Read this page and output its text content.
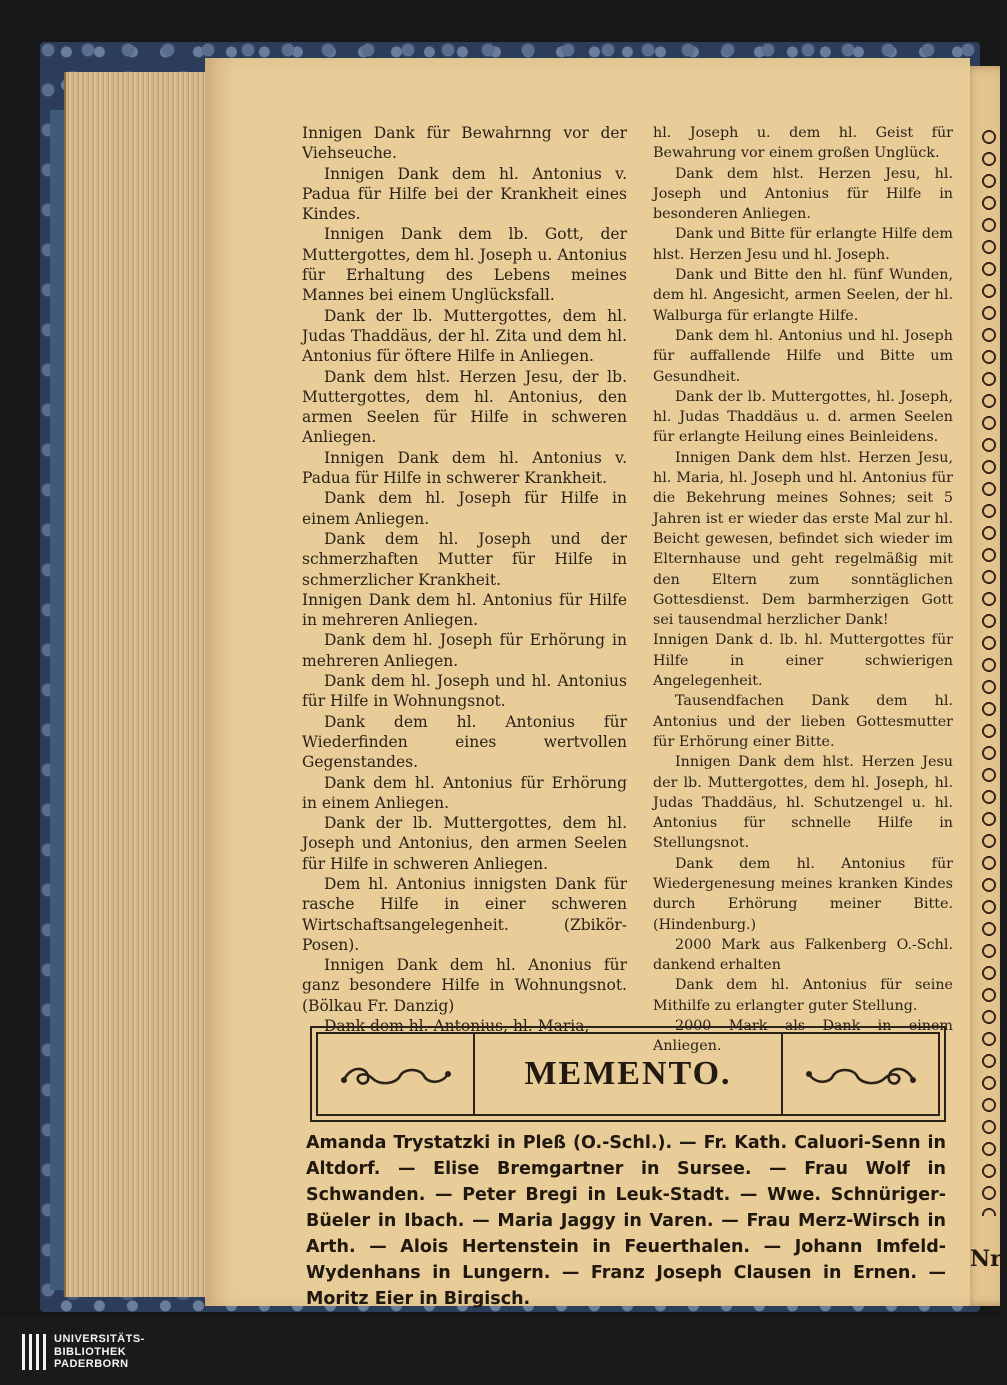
Nr.

Innigen Dank für Bewahrnng vor der Viehseuche.

Innigen Dank dem hl. Antonius v. Padua für Hilfe bei der Krankheit eines Kindes.

Innigen Dank dem lb. Gott, der Muttergottes, dem hl. Joseph u. Antonius für Erhaltung des Lebens meines Mannes bei einem Unglücksfall.

Dank der lb. Muttergottes, dem hl. Judas Thaddäus, der hl. Zita und dem hl. Antonius für öftere Hilfe in Anliegen.

Dank dem hlst. Herzen Jesu, der lb. Muttergottes, dem hl. Antonius, den armen Seelen für Hilfe in schweren Anliegen.

Innigen Dank dem hl. Antonius v. Padua für Hilfe in schwerer Krankheit.

Dank dem hl. Joseph für Hilfe in einem Anliegen.

Dank dem hl. Joseph und der schmerzhaften Mutter für Hilfe in schmerzlicher Krankheit.

Innigen Dank dem hl. Antonius für Hilfe in mehreren Anliegen.

Dank dem hl. Joseph für Erhörung in mehreren Anliegen.

Dank dem hl. Joseph und hl. Antonius für Hilfe in Wohnungsnot.

Dank dem hl. Antonius für Wiederfinden eines wertvollen Gegenstandes.

Dank dem hl. Antonius für Erhörung in einem Anliegen.

Dank der lb. Muttergottes, dem hl. Joseph und Antonius, den armen Seelen für Hilfe in schweren Anliegen.

Dem hl. Antonius innigsten Dank für rasche Hilfe in einer schweren Wirtschaftsangelegenheit. (Zbikör-Posen).

Innigen Dank dem hl. Anonius für ganz besondere Hilfe in Wohnungsnot. (Bölkau Fr. Danzig)

Dank dem hl. Antonius, hl. Maria,

hl. Joseph u. dem hl. Geist für Bewahrung vor einem großen Unglück.

Dank dem hlst. Herzen Jesu, hl. Joseph und Antonius für Hilfe in besonderen Anliegen.

Dank und Bitte für erlangte Hilfe dem hlst. Herzen Jesu und hl. Joseph.

Dank und Bitte den hl. fünf Wunden, dem hl. Angesicht, armen Seelen, der hl. Walburga für erlangte Hilfe.

Dank dem hl. Antonius und hl. Joseph für auffallende Hilfe und Bitte um Gesundheit.

Dank der lb. Muttergottes, hl. Joseph, hl. Judas Thaddäus u. d. armen Seelen für erlangte Heilung eines Beinleidens.

Innigen Dank dem hlst. Herzen Jesu, hl. Maria, hl. Joseph und hl. Antonius für die Bekehrung meines Sohnes; seit 5 Jahren ist er wieder das erste Mal zur hl. Beicht gewesen, befindet sich wieder im Elternhause und geht regelmäßig mit den Eltern zum sonntäglichen Gottesdienst. Dem barmherzigen Gott sei tausendmal herzlicher Dank!

Innigen Dank d. lb. hl. Muttergottes für Hilfe in einer schwierigen Angelegenheit.

Tausendfachen Dank dem hl. Antonius und der lieben Gottesmutter für Erhörung einer Bitte.

Innigen Dank dem hlst. Herzen Jesu der lb. Muttergottes, dem hl. Joseph, hl. Judas Thaddäus, hl. Schutzengel u. hl. Antonius für schnelle Hilfe in Stellungsnot.

Dank dem hl. Antonius für Wiedergenesung meines kranken Kindes durch Erhörung meiner Bitte. (Hindenburg.)

2000 Mark aus Falkenberg O.-Schl. dankend erhalten

Dank dem hl. Antonius für seine Mithilfe zu erlangter guter Stellung.

2000 Mark als Dank in einem Anliegen.

MEMENTO.
Amanda Trystatzki in Pleß (O.-Schl.). — Fr. Kath. Caluori-Senn in Altdorf. — Elise Bremgartner in Sursee. — Frau Wolf in Schwanden. — Peter Bregi in Leuk-Stadt. — Wwe. Schnüriger-Büeler in Ibach. — Maria Jaggy in Varen. — Frau Merz-Wirsch in Arth. — Alois Hertenstein in Feuerthalen. — Johann Imfeld-Wydenhans in Lungern. — Franz Joseph Clausen in Ernen. — Moritz Eier in Birgisch.
UNIVERSITÄTS-
BIBLIOTHEK
PADERBORN
